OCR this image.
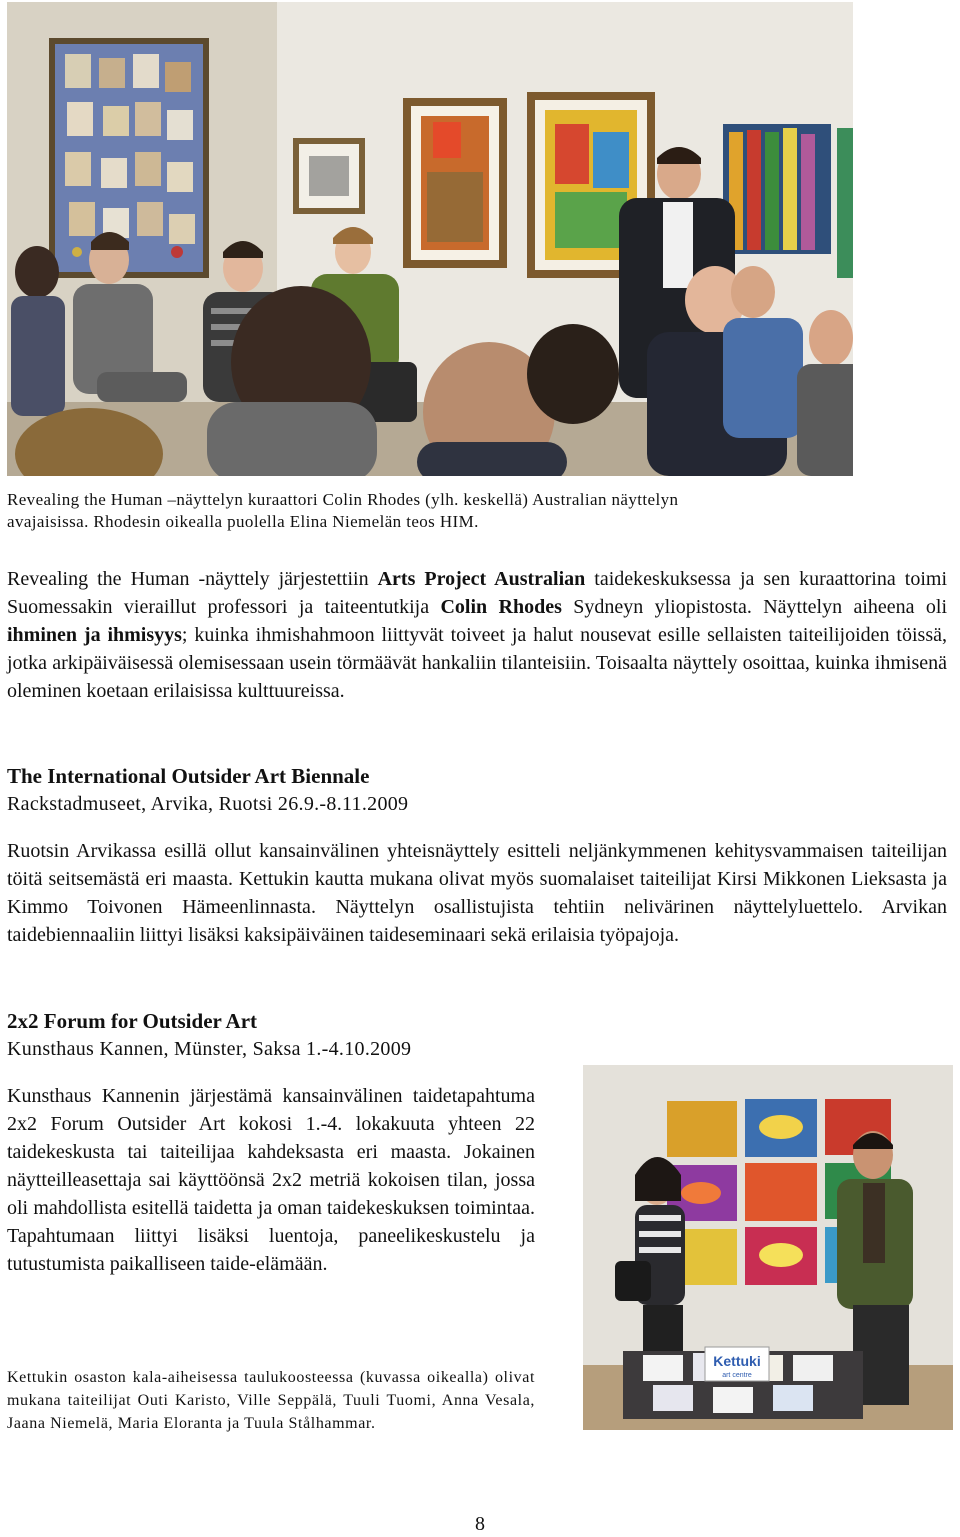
Revealing the Human –näyttelyn kuraattori Colin Rhodes (ylh. keskellä) Australian näyttelyn
avajaisissa. Rhodesin oikealla puolella Elina Niemelän teos HIM.
Revealing the Human -näyttely järjestettiin Arts Project Australian taidekeskuksessa ja sen kuraattorina toimi Suomessakin vieraillut professori ja taiteentutkija Colin Rhodes Sydneyn yliopistosta. Näyttelyn aiheena oli ihminen ja ihmisyys; kuinka ihmishahmoon liittyvät toiveet ja halut nousevat esille sellaisten taiteilijoiden töissä, jotka arkipäiväisessä olemisessaan usein törmäävät hankaliin tilanteisiin. Toisaalta näyttely osoittaa, kuinka ihmisenä oleminen koetaan erilaisissa kulttuureissa.
The International Outsider Art Biennale
Rackstadmuseet, Arvika, Ruotsi 26.9.-8.11.2009
Ruotsin Arvikassa esillä ollut kansainvälinen yhteisnäyttely esitteli neljänkymmenen kehitysvammaisen taiteilijan töitä seitsemästä eri maasta. Kettukin kautta mukana olivat myös suomalaiset taiteilijat Kirsi Mikkonen Lieksasta ja Kimmo Toivonen Hämeenlinnasta. Näyttelyn osallistujista tehtiin nelivärinen näyttelyluettelo. Arvikan taidebiennaaliin liittyi lisäksi kaksipäiväinen taideseminaari sekä erilaisia työpajoja.
2x2 Forum for Outsider Art
Kunsthaus Kannen, Münster, Saksa 1.-4.10.2009
Kunsthaus Kannenin järjestämä kansainvälinen taidetapahtuma 2x2 Forum Outsider Art kokosi 1.-4. lokakuuta yhteen 22 taidekeskusta tai taiteilijaa kahdeksasta eri maasta. Jokainen näytteilleasettaja sai käyttöönsä 2x2 metriä kokoisen tilan, jossa oli mahdollista esitellä taidetta ja oman taidekeskuksen toimintaa. Tapahtumaan liittyi lisäksi luentoja, paneelikeskustelu ja tutustumista paikalliseen taide-elämään.
Kettukin osaston kala-aiheisessa taulukoosteessa (kuvassa oikealla) olivat mukana taiteilijat Outi Karisto, Ville Seppälä, Tuuli Tuomi, Anna Vesala, Jaana Niemelä, Maria Eloranta ja Tuula Stålhammar.
Kettuki
art centre
8
